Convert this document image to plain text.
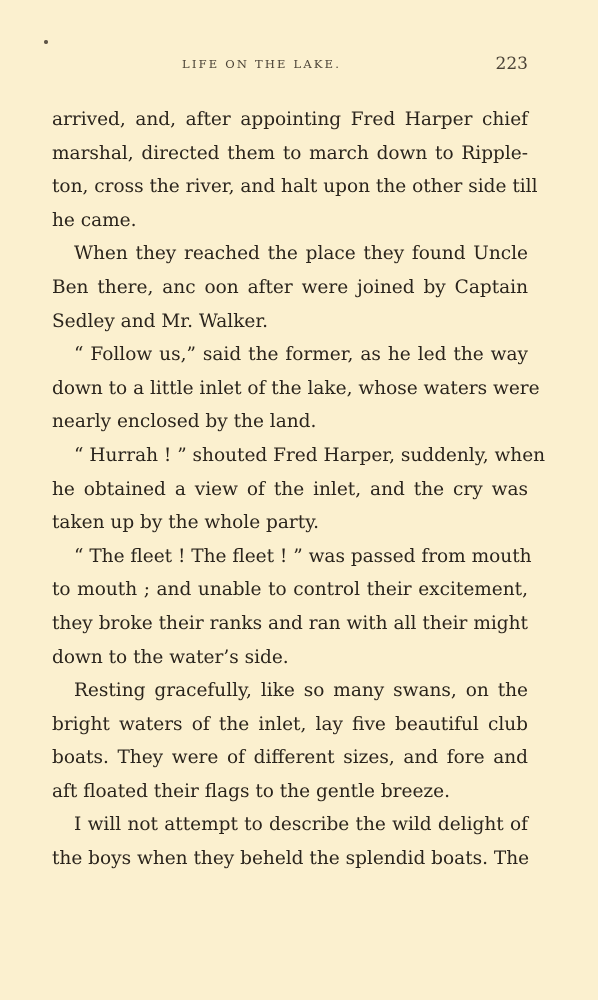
LIFE ON THE LAKE.	223
arrived, and, after appointing Fred Harper chief
marshal, directed them to march down to Ripple-
ton, cross the river, and halt upon the other side till
he came.
When they reached the place they found Uncle
Ben there, anc oon after were joined by Captain
Sedley and Mr. Walker.
“ Follow us,” said the former, as he led the way
down to a little inlet of the lake, whose waters were
nearly enclosed by the land.
“ Hurrah ! ” shouted Fred Harper, suddenly, when
he obtained a view of the inlet, and the cry was
taken up by the whole party.
“ The fleet ! The fleet ! ” was passed from mouth
to mouth ; and unable to control their excitement,
they broke their ranks and ran with all their might
down to the water’s side.
Resting gracefully, like so many swans, on the
bright waters of the inlet, lay five beautiful club
boats. They were of different sizes, and fore and
aft floated their flags to the gentle breeze.
I will not attempt to describe the wild delight of
the boys when they beheld the splendid boats. The
